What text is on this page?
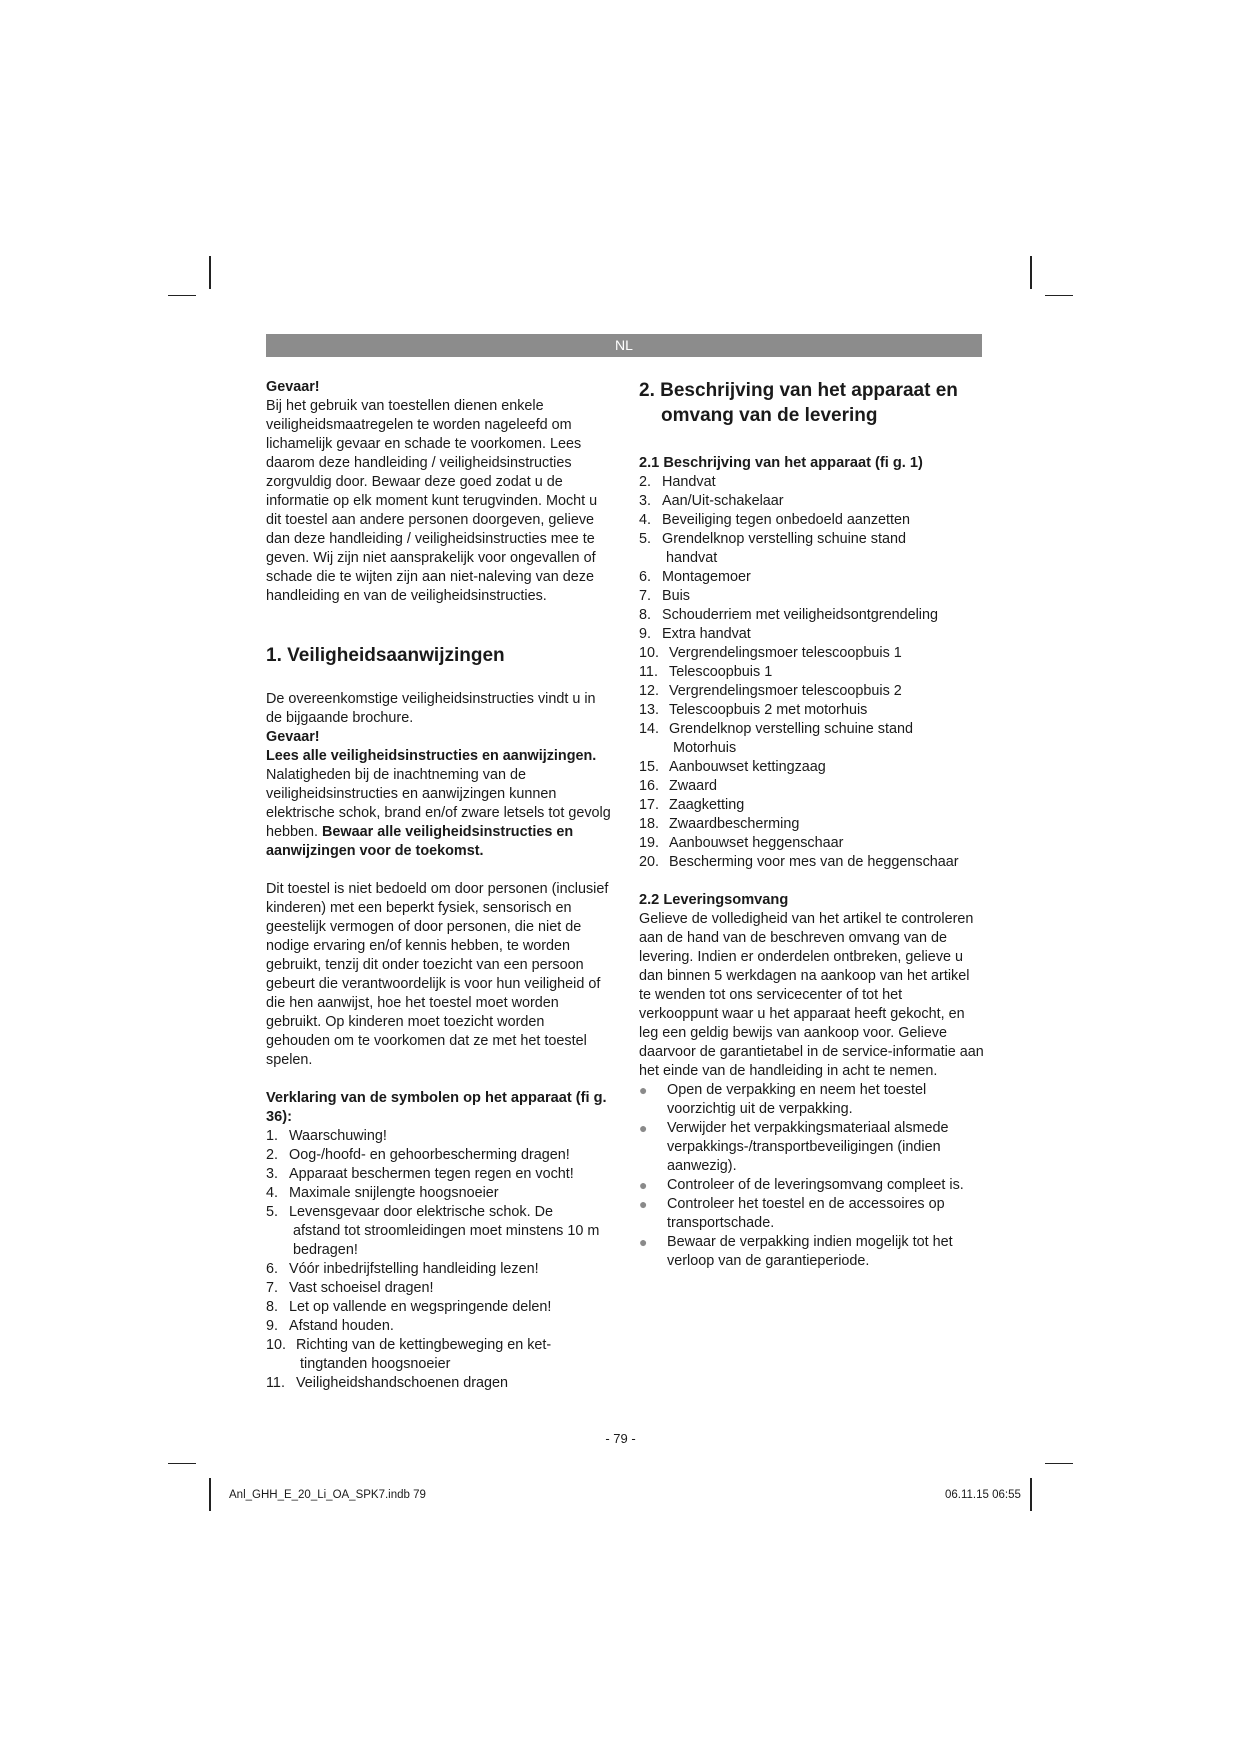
NL

Gevaar!

Bij het gebruik van toestellen dienen enkele veiligheidsmaatregelen te worden nageleefd om lichamelijk gevaar en schade te voorkomen. Lees daarom deze handleiding / veiligheidsinstructies zorgvuldig door. Bewaar deze goed zodat u de informatie op elk moment kunt terugvinden. Mocht u dit toestel aan andere personen doorgeven, gelieve dan deze handleiding / veiligheidsinstructies mee te geven. Wij zijn niet aansprakelijk voor ongevallen of schade die te wijten zijn aan niet-naleving van deze handleiding en van de veiligheidsinstructies.

1. Veiligheidsaanwijzingen

De overeenkomstige veiligheidsinstructies vindt u in de bijgaande brochure.

Gevaar!

Lees alle veiligheidsinstructies en aanwijzingen. Nalatigheden bij de inachtneming van de veiligheidsinstructies en aanwijzingen kunnen elektrische schok, brand en/of zware letsels tot gevolg hebben. Bewaar alle veiligheidsinstructies en aanwijzingen voor de toekomst.

Dit toestel is niet bedoeld om door personen (inclusief kinderen) met een beperkt fysiek, sensorisch en geestelijk vermogen of door personen, die niet de nodige ervaring en/of kennis hebben, te worden gebruikt, tenzij dit onder toezicht van een persoon gebeurt die verantwoordelijk is voor hun veiligheid of die hen aanwijst, hoe het toestel moet worden gebruikt. Op kinderen moet toezicht worden gehouden om te voorkomen dat ze met het toestel spelen.

Verklaring van de symbolen op het apparaat (fi g. 36):
1. Waarschuwing!
2. Oog-/hoofd- en gehoorbescherming dragen!
3. Apparaat beschermen tegen regen en vocht!
4. Maximale snijlengte hoogsnoeier
5. Levensgevaar door elektrische schok. De
afstand tot stroomleidingen moet minstens 10 m bedragen!
6. Vóór inbedrijfstelling handleiding lezen!
7. Vast schoeisel dragen!
8. Let op vallende en wegspringende delen!
9. Afstand houden.
10. Richting van de kettingbeweging en ket-
tingtanden hoogsnoeier
11. Veiligheidshandschoenen dragen
2. Beschrijving van het apparaat en
omvang van de levering
2.1 Beschrijving van het apparaat (fi g. 1)
2. Handvat
3. Aan/Uit-schakelaar
4. Beveiliging tegen onbedoeld aanzetten
5. Grendelknop verstelling schuine stand
handvat
6. Montagemoer
7. Buis
8. Schouderriem met veiligheidsontgrendeling
9. Extra handvat
10. Vergrendelingsmoer telescoopbuis 1
11. Telescoopbuis 1
12. Vergrendelingsmoer telescoopbuis 2
13. Telescoopbuis 2 met motorhuis
14. Grendelknop verstelling schuine stand
Motorhuis
15. Aanbouwset kettingzaag
16. Zwaard
17. Zaagketting
18. Zwaardbescherming
19. Aanbouwset heggenschaar
20. Bescherming voor mes van de heggenschaar
2.2 Leveringsomvang

Gelieve de volledigheid van het artikel te controleren aan de hand van de beschreven omvang van de levering. Indien er onderdelen ontbreken, gelieve u dan binnen 5 werkdagen na aankoop van het artikel te wenden tot ons servicecenter of tot het verkooppunt waar u het apparaat heeft gekocht, en leg een geldig bewijs van aankoop voor. Gelieve daarvoor de garantietabel in de service-informatie aan het einde van de handleiding in acht te nemen.

● Open de verpakking en neem het toestel voorzichtig uit de verpakking.
● Verwijder het verpakkingsmateriaal alsmede verpakkings-/transportbeveiligingen (indien aanwezig).
● Controleer of de leveringsomvang compleet is.
● Controleer het toestel en de accessoires op transportschade.
● Bewaar de verpakking indien mogelijk tot het verloop van de garantieperiode.
- 79 -
Anl_GHH_E_20_Li_OA_SPK7.indb 79	06.11.15 06:55
